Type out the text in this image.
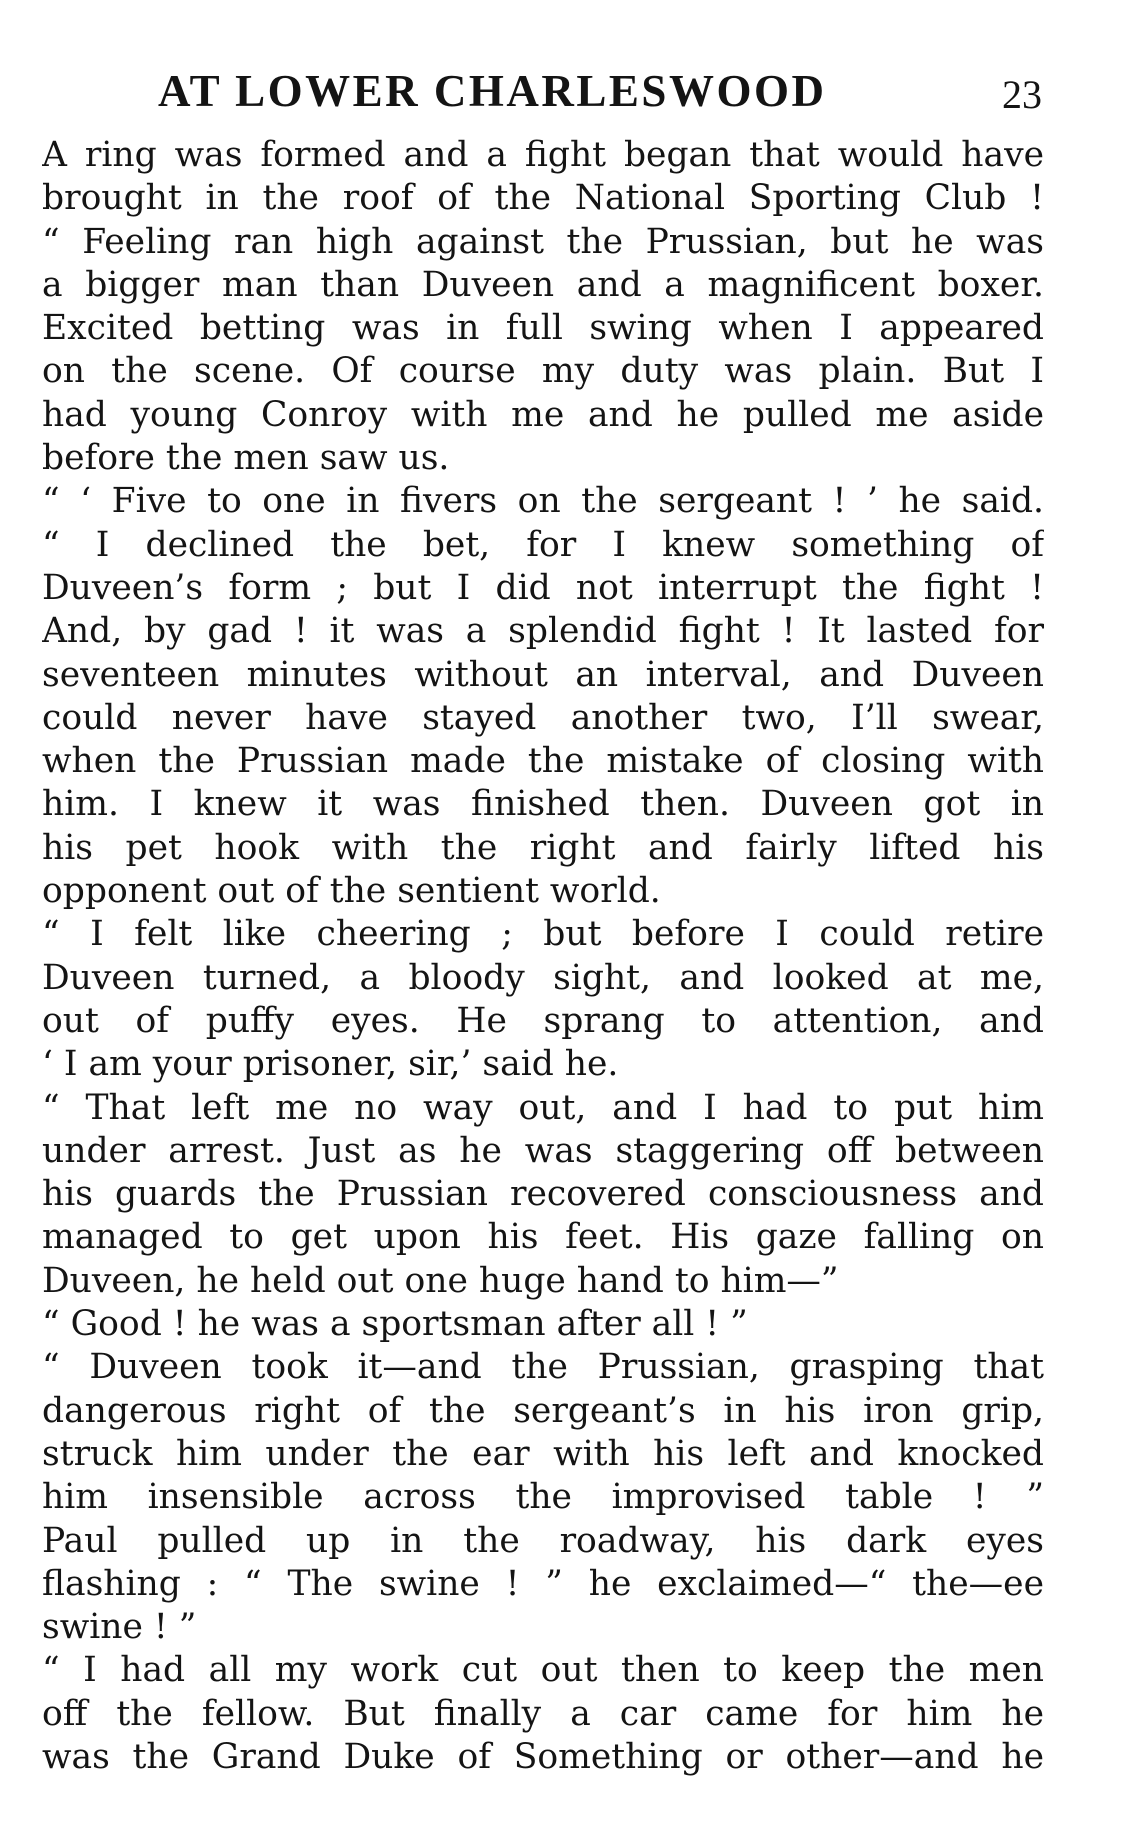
AT LOWER CHARLESWOOD	23
A ring was formed and a fight began that would have
brought in the roof of the National Sporting Club !
“ Feeling ran high against the Prussian, but he was
a bigger man than Duveen and a magnificent boxer.
Excited betting was in full swing when I appeared
on the scene. Of course my duty was plain. But I
had young Conroy with me and he pulled me aside
before the men saw us.
“ ‘ Five to one in fivers on the sergeant ! ’ he said.
“ I declined the bet, for I knew something of
Duveen’s form ; but I did not interrupt the fight !
And, by gad ! it was a splendid fight ! It lasted for
seventeen minutes without an interval, and Duveen
could never have stayed another two, I’ll swear,
when the Prussian made the mistake of closing with
him. I knew it was finished then. Duveen got in
his pet hook with the right and fairly lifted his
opponent out of the sentient world.
“ I felt like cheering ; but before I could retire
Duveen turned, a bloody sight, and looked at me,
out of puffy eyes. He sprang to attention, and
‘ I am your prisoner, sir,’ said he.
“ That left me no way out, and I had to put him
under arrest. Just as he was staggering off between
his guards the Prussian recovered consciousness and
managed to get upon his feet. His gaze falling on
Duveen, he held out one huge hand to him—”
“ Good ! he was a sportsman after all ! ”
“ Duveen took it—and the Prussian, grasping that
dangerous right of the sergeant’s in his iron grip,
struck him under the ear with his left and knocked
him insensible across the improvised table ! ”
Paul pulled up in the roadway, his dark eyes
flashing : “ The swine ! ” he exclaimed—“ the—ee
swine ! ”
“ I had all my work cut out then to keep the men
off the fellow. But finally a car came for him he
was the Grand Duke of Something or other—and he
